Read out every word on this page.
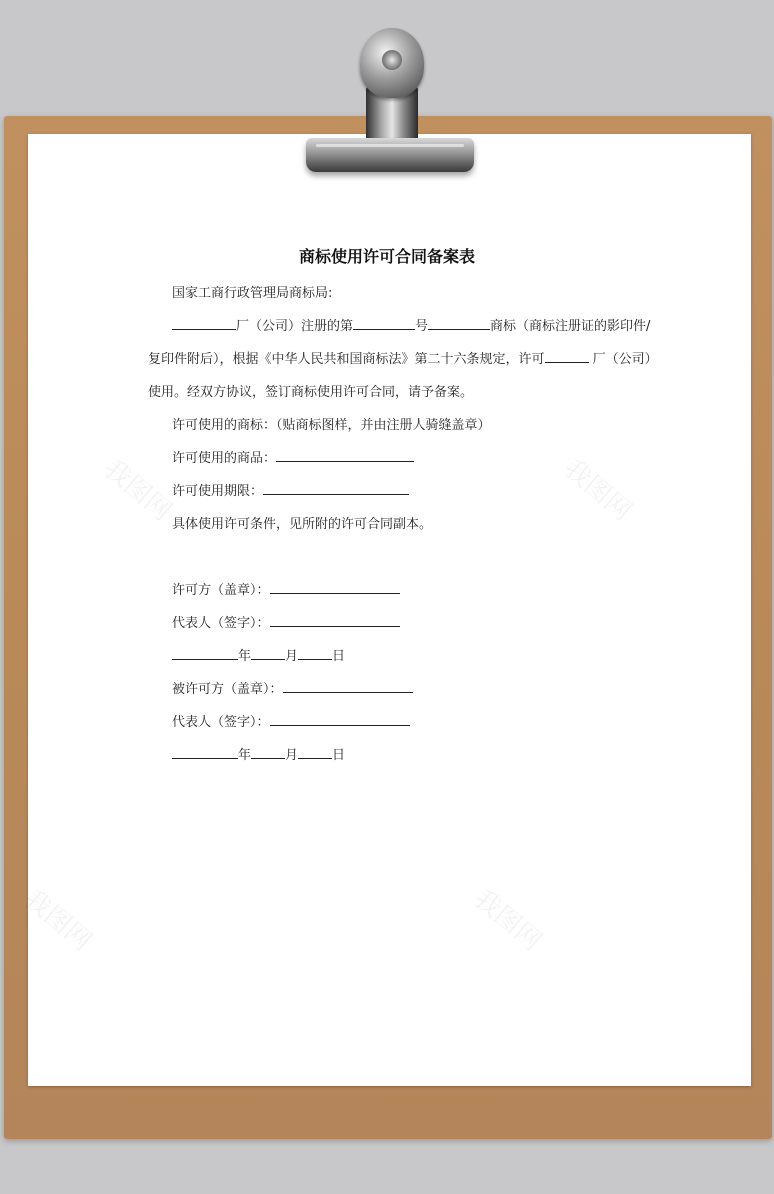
商标使用许可合同备案表
国家工商行政管理局商标局:
厂（公司）注册的第	号	商标（商标注册证的影印件/
复印件附后），根据《中华人民共和国商标法》第二十六条规定，许可	厂（公司）
使用。经双方协议，签订商标使用许可合同，请予备案。
许可使用的商标：（贴商标图样，并由注册人骑缝盖章）
许可使用的商品：
许可使用期限：
具体使用许可条件，见所附的许可合同副本。
许可方（盖章）：
代表人（签字）：
年	月	日
被许可方（盖章）：
代表人（签字）：
年	月	日
